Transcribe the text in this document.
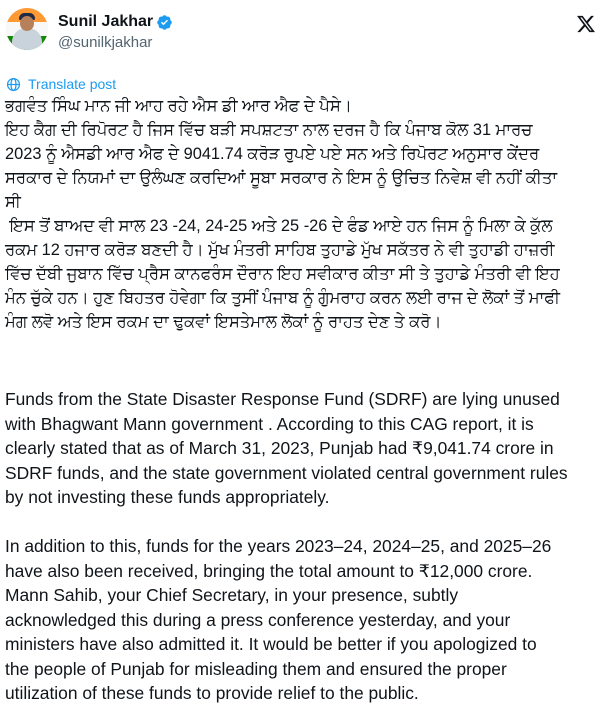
Sunil Jakhar
@sunilkjakhar
Translate post
ਭਗਵੰਤ ਸਿੰਘ ਮਾਨ ਜੀ ਆਹ ਰਹੇ ਐਸ ਡੀ ਆਰ ਐਫ ਦੇ ਪੈਸੇ।
ਇਹ ਕੈਗ ਦੀ ਰਿਪੋਰਟ ਹੈ ਜਿਸ ਵਿੱਚ ਬੜੀ ਸਪਸ਼ਟਤਾ ਨਾਲ ਦਰਜ ਹੈ ਕਿ ਪੰਜਾਬ ਕੋਲ 31 ਮਾਰਚ
2023 ਨੂੰ ਐਸਡੀ ਆਰ ਐਫ ਦੇ 9041.74 ਕਰੋੜ ਰੁਪਏ ਪਏ ਸਨ ਅਤੇ ਰਿਪੋਰਟ ਅਨੁਸਾਰ ਕੇਂਦਰ
ਸਰਕਾਰ ਦੇ ਨਿਯਮਾਂ ਦਾ ਉਲੰਘਣ ਕਰਦਿਆਂ ਸੂਬਾ ਸਰਕਾਰ ਨੇ ਇਸ ਨੂੰ ਉਚਿਤ ਨਿਵੇਸ਼ ਵੀ ਨਹੀਂ ਕੀਤਾ
ਸੀ
ਇਸ ਤੋਂ ਬਾਅਦ ਵੀ ਸਾਲ 23 -24, 24-25 ਅਤੇ 25 -26 ਦੇ ਫੰਡ ਆਏ ਹਨ ਜਿਸ ਨੂੰ ਮਿਲਾ ਕੇ ਕੁੱਲ
ਰਕਮ 12 ਹਜਾਰ ਕਰੋੜ ਬਣਦੀ ਹੈ। ਮੁੱਖ ਮੰਤਰੀ ਸਾਹਿਬ ਤੁਹਾਡੇ ਮੁੱਖ ਸਕੱਤਰ ਨੇ ਵੀ ਤੁਹਾਡੀ ਹਾਜ਼ਰੀ
ਵਿੱਚ ਦੱਬੀ ਜੁਬਾਨ ਵਿੱਚ ਪ੍ਰੈਸ ਕਾਨਫਰੰਸ ਦੌਰਾਨ ਇਹ ਸਵੀਕਾਰ ਕੀਤਾ ਸੀ ਤੇ ਤੁਹਾਡੇ ਮੰਤਰੀ ਵੀ ਇਹ
ਮੰਨ ਚੁੱਕੇ ਹਨ। ਹੁਣ ਬਿਹਤਰ ਹੋਵੇਗਾ ਕਿ ਤੁਸੀਂ ਪੰਜਾਬ ਨੂੰ ਗੁੰਮਰਾਹ ਕਰਨ ਲਈ ਰਾਜ ਦੇ ਲੋਕਾਂ ਤੋਂ ਮਾਫੀ
ਮੰਗ ਲਵੋ ਅਤੇ ਇਸ ਰਕਮ ਦਾ ਢੁਕਵਾਂ ਇਸਤੇਮਾਲ ਲੋਕਾਂ ਨੂੰ ਰਾਹਤ ਦੇਣ ਤੇ ਕਰੋ।
Funds from the State Disaster Response Fund (SDRF) are lying unused
with Bhagwant Mann government . According to this CAG report, it is
clearly stated that as of March 31, 2023, Punjab had ₹9,041.74 crore in
SDRF funds, and the state government violated central government rules
by not investing these funds appropriately.
In addition to this, funds for the years 2023–24, 2024–25, and 2025–26
have also been received, bringing the total amount to ₹12,000 crore.
Mann Sahib, your Chief Secretary, in your presence, subtly
acknowledged this during a press conference yesterday, and your
ministers have also admitted it. It would be better if you apologized to
the people of Punjab for misleading them and ensured the proper
utilization of these funds to provide relief to the public.
